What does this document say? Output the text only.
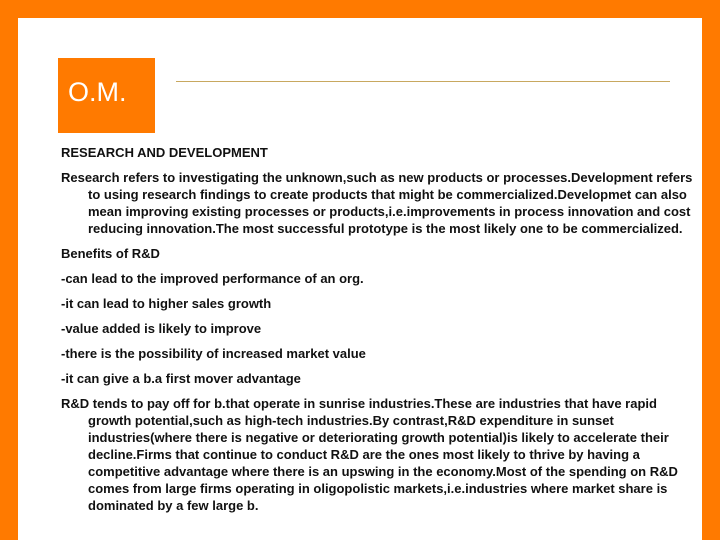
O.M.

RESEARCH AND DEVELOPMENT

Research refers to investigating the unknown,such as new products or processes.Development refers to using research findings to create products that might be commercialized.Developmet can also mean improving existing processes or products,i.e.improvements in process innovation and cost reducing innovation.The most successful prototype is the most likely one to be commercialized.

Benefits of R&D

-can lead to the improved performance of an org.

-it can lead to higher sales growth

-value added is likely to improve

-there is the possibility of increased market value

-it can give a b.a first mover advantage

R&D tends to pay off for b.that operate in sunrise industries.These are industries that have rapid growth potential,such as high-tech industries.By contrast,R&D expenditure in sunset industries(where there is negative or deteriorating growth potential)is likely to accelerate their decline.Firms that continue to conduct R&D are the ones most likely to thrive by having a competitive advantage where there is an upswing in the economy.Most of the spending on R&D comes from large firms operating in oligopolistic markets,i.e.industries where market share is dominated by a few large b.
